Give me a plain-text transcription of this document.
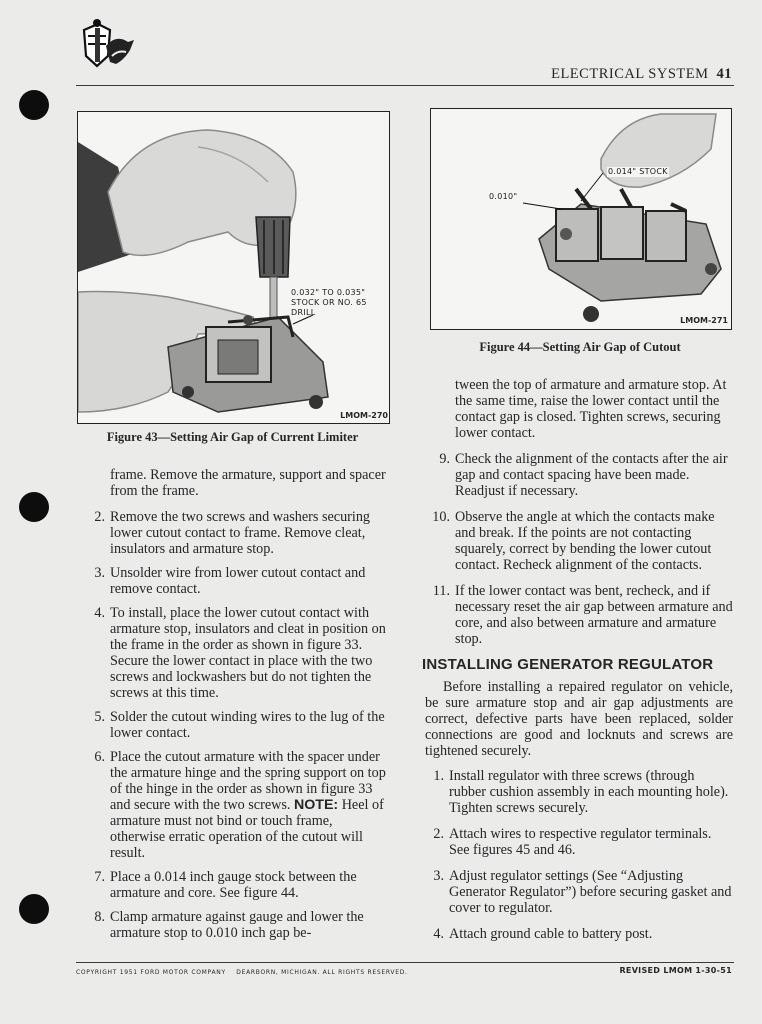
ELECTRICAL SYSTEM 41
0.032" TO 0.035"
STOCK OR NO. 65
DRILL
LMOM-270
Figure 43—Setting Air Gap of Current Limiter
0.014" STOCK
0.010"
LMOM-271
Figure 44—Setting Air Gap of Cutout
frame. Remove the armature, support and spacer from the frame.
2. Remove the two screws and washers securing lower cutout contact to frame. Remove cleat, insulators and armature stop.
3. Unsolder wire from lower cutout contact and remove contact.
4. To install, place the lower cutout contact with armature stop, insulators and cleat in position on the frame in the order as shown in figure 33. Secure the lower contact in place with the two screws and lockwashers but do not tighten the screws at this time.
5. Solder the cutout winding wires to the lug of the lower contact.
6. Place the cutout armature with the spacer under the armature hinge and the spring support on top of the hinge in the order as shown in figure 33 and secure with the two screws. NOTE: Heel of armature must not bind or touch frame, otherwise erratic operation of the cutout will result.
7. Place a 0.014 inch gauge stock between the armature and core. See figure 44.
8. Clamp armature against gauge and lower the armature stop to 0.010 inch gap be-
tween the top of armature and armature stop. At the same time, raise the lower contact until the contact gap is closed. Tighten screws, securing lower contact.
9. Check the alignment of the contacts after the air gap and contact spacing have been made. Readjust if necessary.
10. Observe the angle at which the contacts make and break. If the points are not contacting squarely, correct by bending the lower cutout contact. Recheck alignment of the contacts.
11. If the lower contact was bent, recheck, and if necessary reset the air gap between armature and core, and also between armature and armature stop.
INSTALLING GENERATOR REGULATOR
Before installing a repaired regulator on vehicle, be sure armature stop and air gap adjustments are correct, defective parts have been replaced, solder connections are good and locknuts and screws are tightened securely.
1. Install regulator with three screws (through rubber cushion assembly in each mounting hole). Tighten screws securely.
2. Attach wires to respective regulator terminals. See figures 45 and 46.
3. Adjust regulator settings (See “Adjusting Generator Regulator”) before securing gasket and cover to regulator.
4. Attach ground cable to battery post.
COPYRIGHT 1951 FORD MOTOR COMPANY    DEARBORN, MICHIGAN. ALL RIGHTS RESERVED.	REVISED LMOM 1-30-51
